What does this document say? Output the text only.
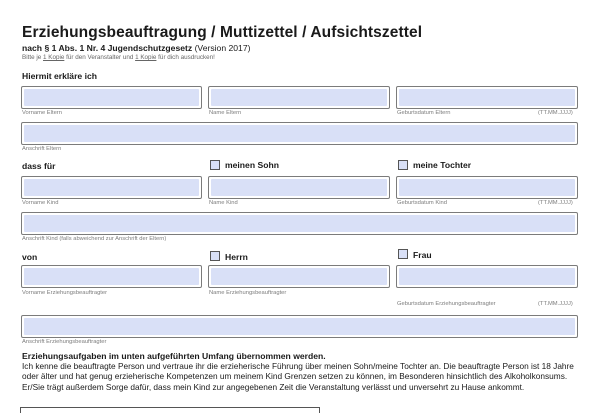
Erziehungsbeauftragung / Muttizettel / Aufsichtszettel
nach § 1 Abs. 1 Nr. 4 Jugendschutzgesetz (Version 2017)
Bitte je 1 Kopie für den Veranstalter und 1 Kopie für dich ausdrucken!
Hiermit erkläre ich
Vorname Eltern	Name Eltern	Geburtsdatum Eltern	(TT.MM.JJJJ)
Anschrift Eltern
dass für	meinen Sohn	meine Tochter
Vorname Kind	Name Kind	Geburtsdatum Kind	(TT.MM.JJJJ)
Anschrift Kind (falls abweichend zur Anschrift der Eltern)
von	Herrn	Frau
Vorname Erziehungsbeauftragter	Name Erziehungsbeauftragter
Geburtsdatum Erziehungsbeauftragter	(TT.MM.JJJJ)
Anschrift Erziehungsbeauftragter
Erziehungsaufgaben im unten aufgeführten Umfang übernommen werden.
Ich kenne die beauftragte Person und vertraue ihr die erzieherische Führung über meinen Sohn/meine Tochter an. Die beauftragte Person ist 18 Jahre oder älter und hat genug erzieherische Kompetenzen um meinem Kind Grenzen setzen zu können, im Besonderen hinsichtlich des Alkoholkonsums. Er/Sie trägt außerdem Sorge dafür, dass mein Kind zur angegebenen Zeit die Veranstaltung verlässt und unversehrt zu Hause ankommt.
